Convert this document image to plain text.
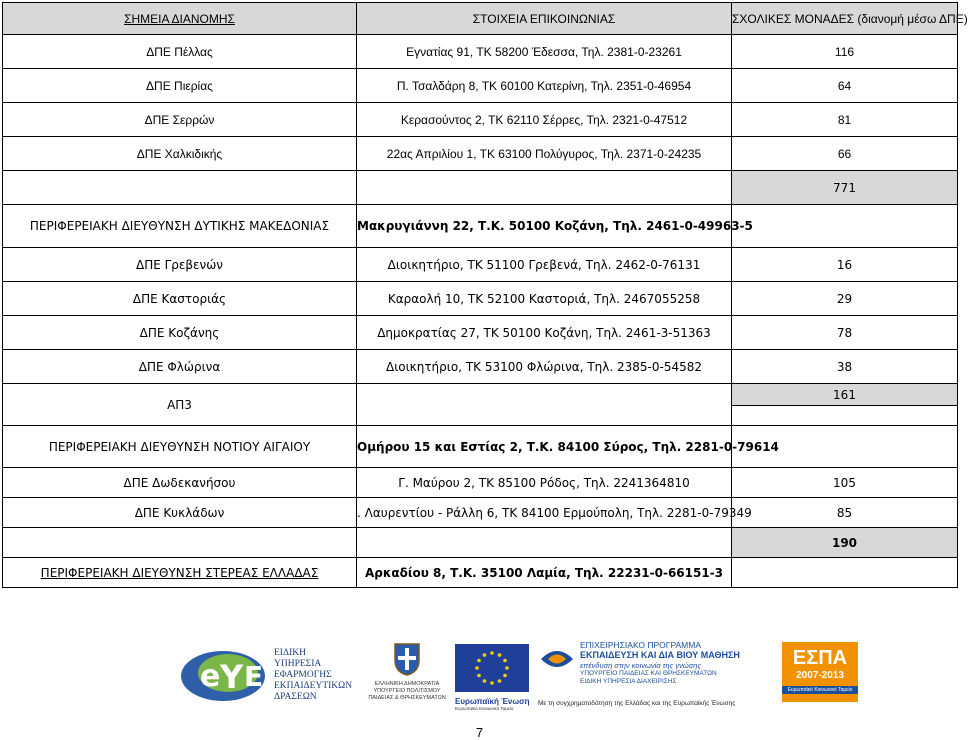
ΣΗΜΕΙΑ ΔΙΑΝΟΜΗΣ	ΣΤΟΙΧΕΙΑ ΕΠΙΚΟΙΝΩΝΙΑΣ	ΣΧΟΛΙΚΕΣ ΜΟΝΑΔΕΣ (διανομή μέσω ΔΠΕ)
ΔΠΕ Πέλλας	Εγνατίας 91, ΤΚ 58200 Έδεσσα, Τηλ. 2381-0-23261	116
ΔΠΕ Πιερίας	Π. Τσαλδάρη 8, ΤΚ 60100 Κατερίνη, Τηλ. 2351-0-46954	64
ΔΠΕ Σερρών	Κερασούντος 2, ΤΚ 62110 Σέρρες, Τηλ. 2321-0-47512	81
ΔΠΕ Χαλκιδικής	22ας Απριλίου 1, ΤΚ 63100 Πολύγυρος, Τηλ. 2371-0-24235	66
		771
ΠΕΡΙΦΕΡΕΙΑΚΗ ΔΙΕΥΘΥΝΣΗ ΔΥΤΙΚΗΣ ΜΑΚΕΔΟΝΙΑΣ	Μακρυγιάννη 22, Τ.Κ. 50100 Κοζάνη, Τηλ. 2461-0-49963-5	
ΔΠΕ Γρεβενών	Διοικητήριο, ΤΚ 51100 Γρεβενά, Τηλ. 2462-0-76131	16
ΔΠΕ Καστοριάς	Καραολή 10, ΤΚ 52100 Καστοριά, Τηλ. 2467055258	29
ΔΠΕ Κοζάνης	Δημοκρατίας 27, ΤΚ 50100 Κοζάνη, Τηλ. 2461-3-51363	78
ΔΠΕ Φλώρινα	Διοικητήριο, ΤΚ 53100 Φλώρινα, Τηλ. 2385-0-54582	38
ΑΠ3		161

ΠΕΡΙΦΕΡΕΙΑΚΗ ΔΙΕΥΘΥΝΣΗ ΝΟΤΙΟΥ ΑΙΓΑΙΟΥ	Ομήρου 15 και Εστίας 2, Τ.Κ. 84100 Σύρος, Τηλ. 2281-0-79614	
ΔΠΕ Δωδεκανήσου	Γ. Μαύρου 2, ΤΚ 85100 Ρόδος, Τηλ. 2241364810	105
ΔΠΕ Κυκλάδων	. Λαυρεντίου - Ράλλη 6, ΤΚ 84100 Ερμούπολη, Τηλ. 2281-0-79349	85
		190
ΠΕΡΙΦΕΡΕΙΑΚΗ ΔΙΕΥΘΥΝΣΗ ΣΤΕΡΕΑΣ ΕΛΛΑΔΑΣ	Αρκαδίου 8, Τ.Κ. 35100 Λαμία, Τηλ. 22231-0-66151-3	
e Y E
ΕΙΔΙΚΗ
ΥΠΗΡΕΣΙΑ
ΕΦΑΡΜΟΓΗΣ
ΕΚΠΑΙΔΕΥΤΙΚΩΝ
ΔΡΑΣΕΩΝ
ΕΛΛΗΝΙΚΗ ΔΗΜΟΚΡΑΤΙΑ
ΥΠΟΥΡΓΕΙΟ ΠΟΛΙΤΙΣΜΟΥ
ΠΑΙΔΕΙΑΣ & ΘΡΗΣΚΕΥΜΑΤΩΝ	Ευρωπαϊκή Ένωση
Ευρωπαϊκό Κοινωνικό Ταμείο
ΕΠΙΧΕΙΡΗΣΙΑΚΟ ΠΡΟΓΡΑΜΜΑ
ΕΚΠΑΙΔΕΥΣΗ ΚΑΙ ΔΙΑ ΒΙΟΥ ΜΑΘΗΣΗ
επένδυση στην κοινωνία της γνώσης
ΥΠΟΥΡΓΕΙΟ ΠΑΙΔΕΙΑΣ ΚΑΙ ΘΡΗΣΚΕΥΜΑΤΩΝ
ΕΙΔΙΚΗ ΥΠΗΡΕΣΙΑ ΔΙΑΧΕΙΡΙΣΗΣ
Με τη συγχρηματοδότηση της Ελλάδας και της Ευρωπαϊκής Ένωσης
ΕΣΠΑ
2007-2013
Ευρωπαϊκό Κοινωνικό Ταμείο
7
